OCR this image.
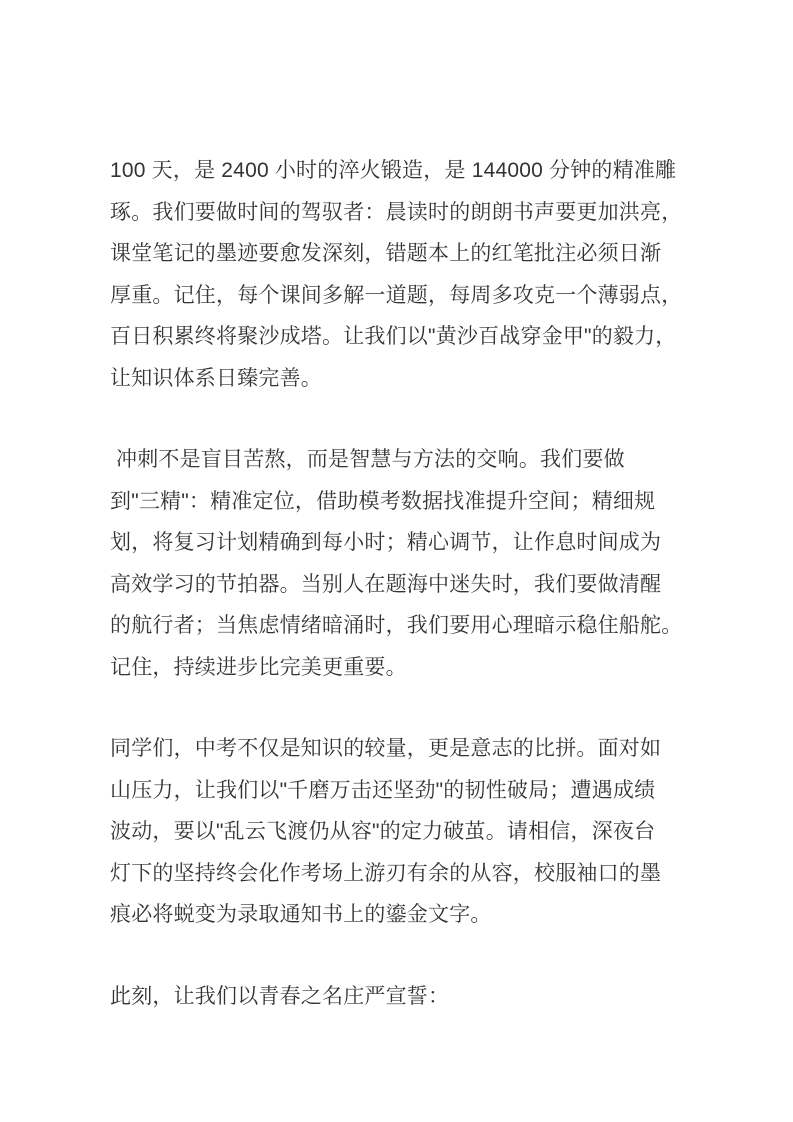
100 天，是 2400 小时的淬火锻造，是 144000 分钟的精准雕
琢。我们要做时间的驾驭者：晨读时的朗朗书声要更加洪亮，
课堂笔记的墨迹要愈发深刻，错题本上的红笔批注必须日渐
厚重。记住，每个课间多解一道题，每周多攻克一个薄弱点，
百日积累终将聚沙成塔。让我们以"黄沙百战穿金甲"的毅力，
让知识体系日臻完善。
冲刺不是盲目苦熬，而是智慧与方法的交响。我们要做
到"三精"：精准定位，借助模考数据找准提升空间；精细规
划，将复习计划精确到每小时；精心调节，让作息时间成为
高效学习的节拍器。当别人在题海中迷失时，我们要做清醒
的航行者；当焦虑情绪暗涌时，我们要用心理暗示稳住船舵。
记住，持续进步比完美更重要。
同学们，中考不仅是知识的较量，更是意志的比拼。面对如
山压力，让我们以"千磨万击还坚劲"的韧性破局；遭遇成绩
波动，要以"乱云飞渡仍从容"的定力破茧。请相信，深夜台
灯下的坚持终会化作考场上游刃有余的从容，校服袖口的墨
痕必将蜕变为录取通知书上的鎏金文字。
此刻，让我们以青春之名庄严宣誓：
